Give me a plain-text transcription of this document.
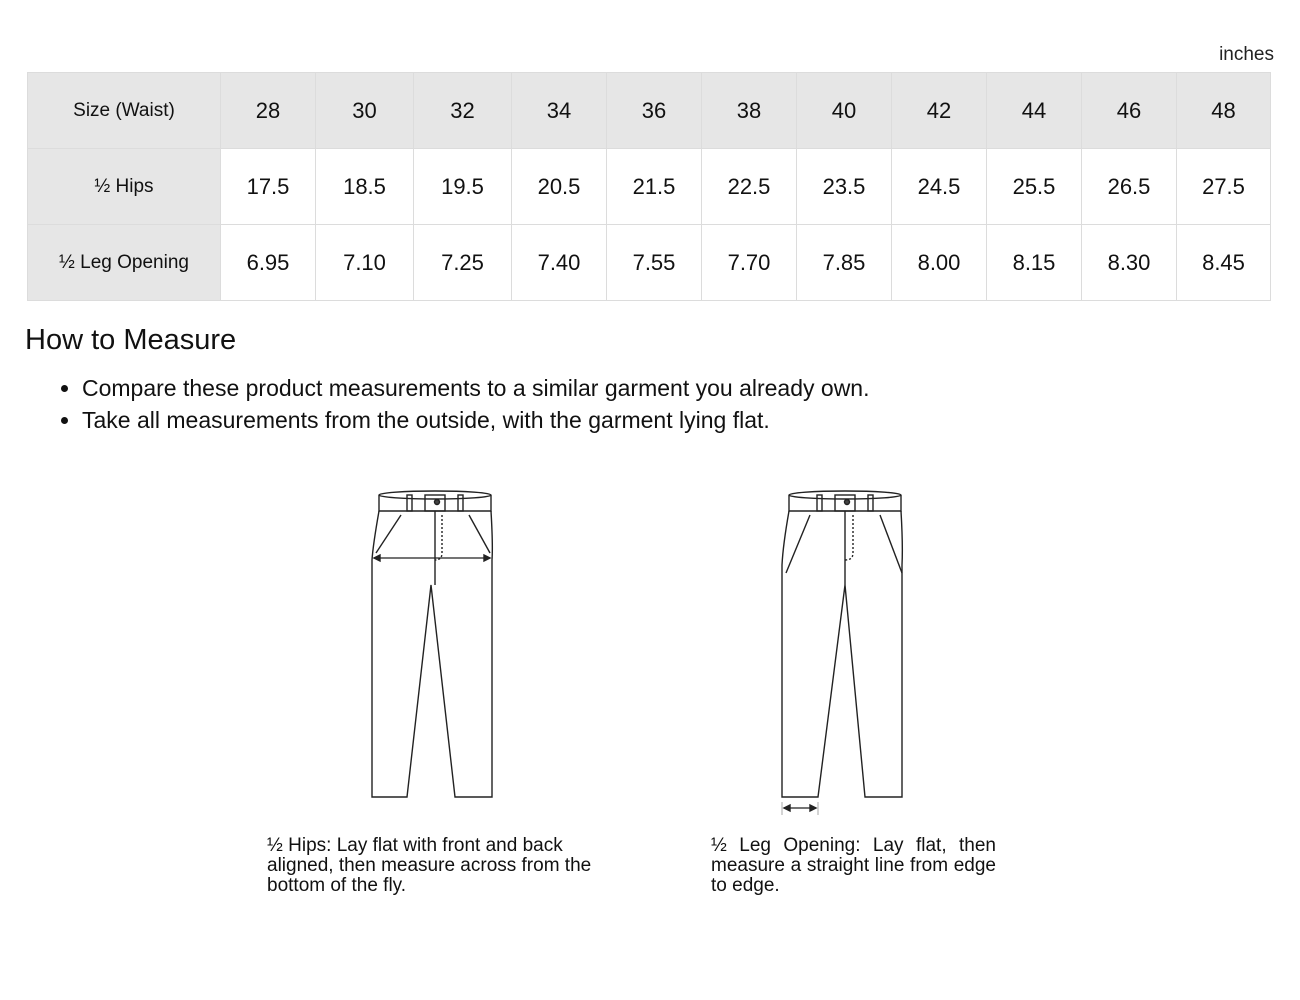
inches
Size (Waist)	28	30	32	34	36	38	40	42	44	46	48
½ Hips	17.5	18.5	19.5	20.5	21.5	22.5	23.5	24.5	25.5	26.5	27.5
½ Leg Opening	6.95	7.10	7.25	7.40	7.55	7.70	7.85	8.00	8.15	8.30	8.45
How to Measure
• Compare these product measurements to a similar garment you already own.
• Take all measurements from the outside, with the garment lying flat.
½ Hips: Lay flat with front and back aligned, then measure across from the bottom of the fly.
½ Leg Opening: Lay flat, then measure a straight line from edge to edge.
